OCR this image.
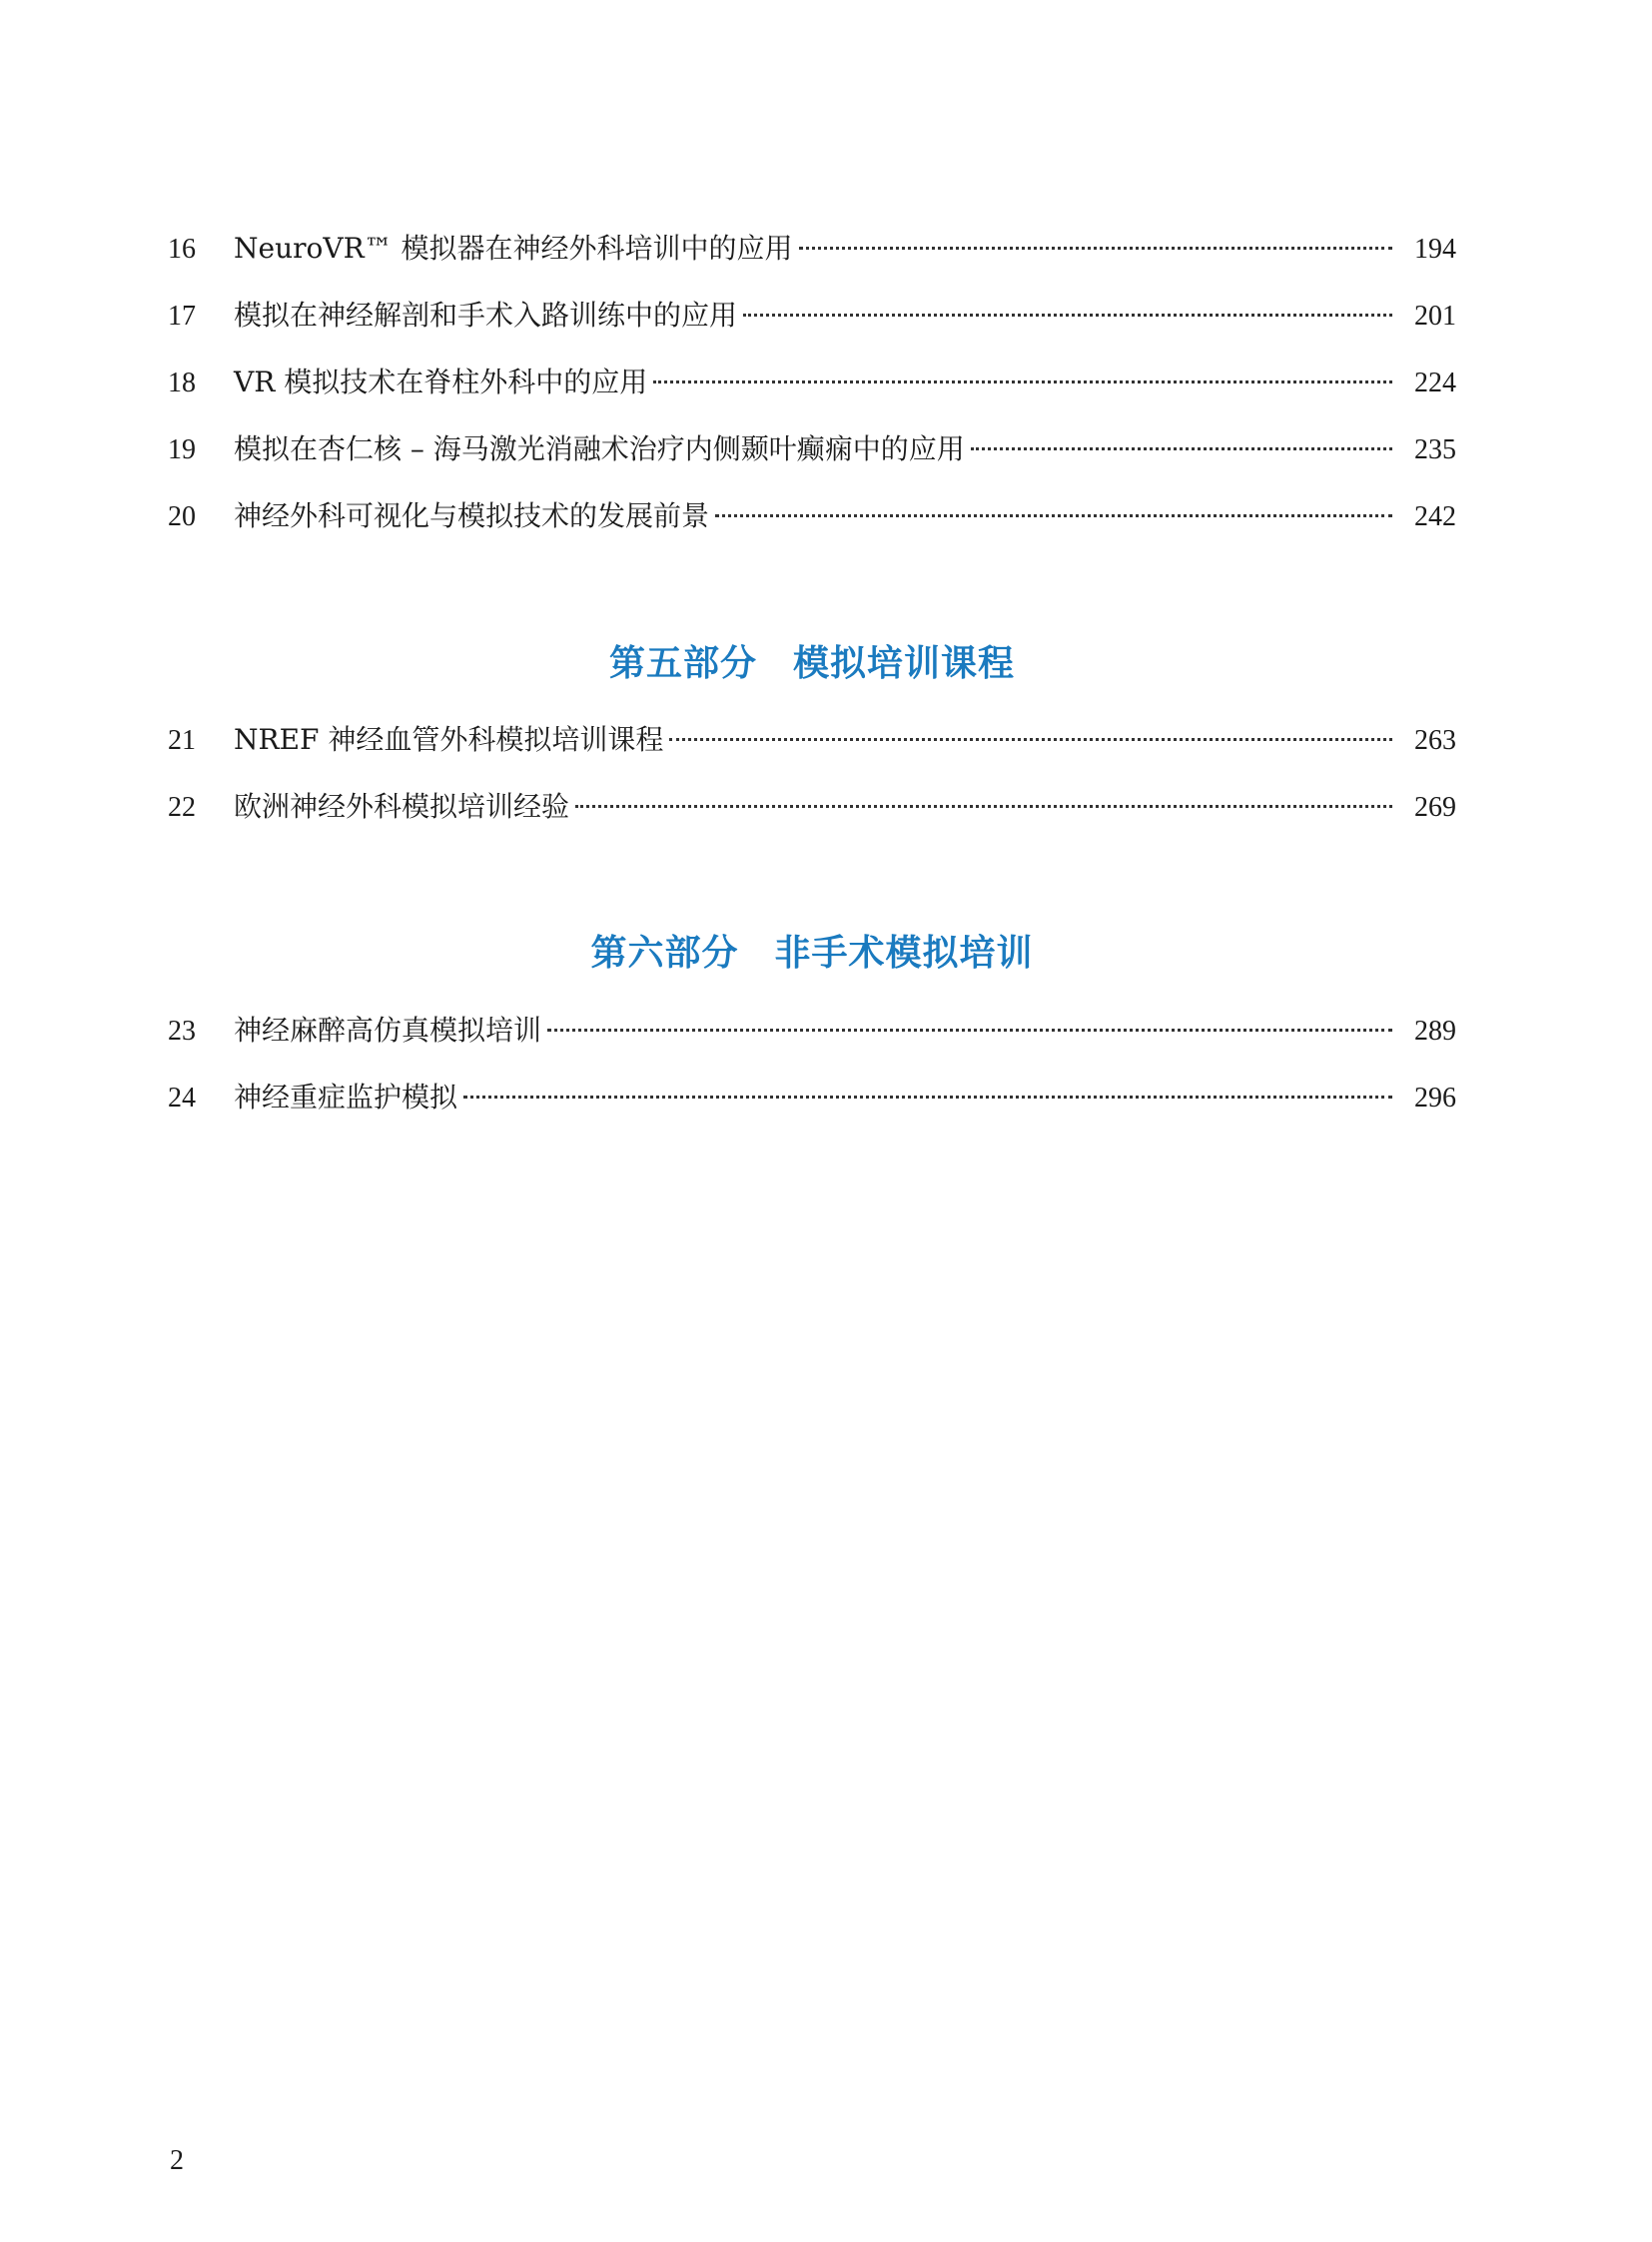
16	NeuroVR™ 模拟器在神经外科培训中的应用	194
17	模拟在神经解剖和手术入路训练中的应用	201
18	VR 模拟技术在脊柱外科中的应用	224
19	模拟在杏仁核 – 海马激光消融术治疗内侧颞叶癫痫中的应用	235
20	神经外科可视化与模拟技术的发展前景	242
第五部分 模拟培训课程
21	NREF 神经血管外科模拟培训课程	263
22	欧洲神经外科模拟培训经验	269
第六部分 非手术模拟培训
23	神经麻醉高仿真模拟培训	289
24	神经重症监护模拟	296
2
